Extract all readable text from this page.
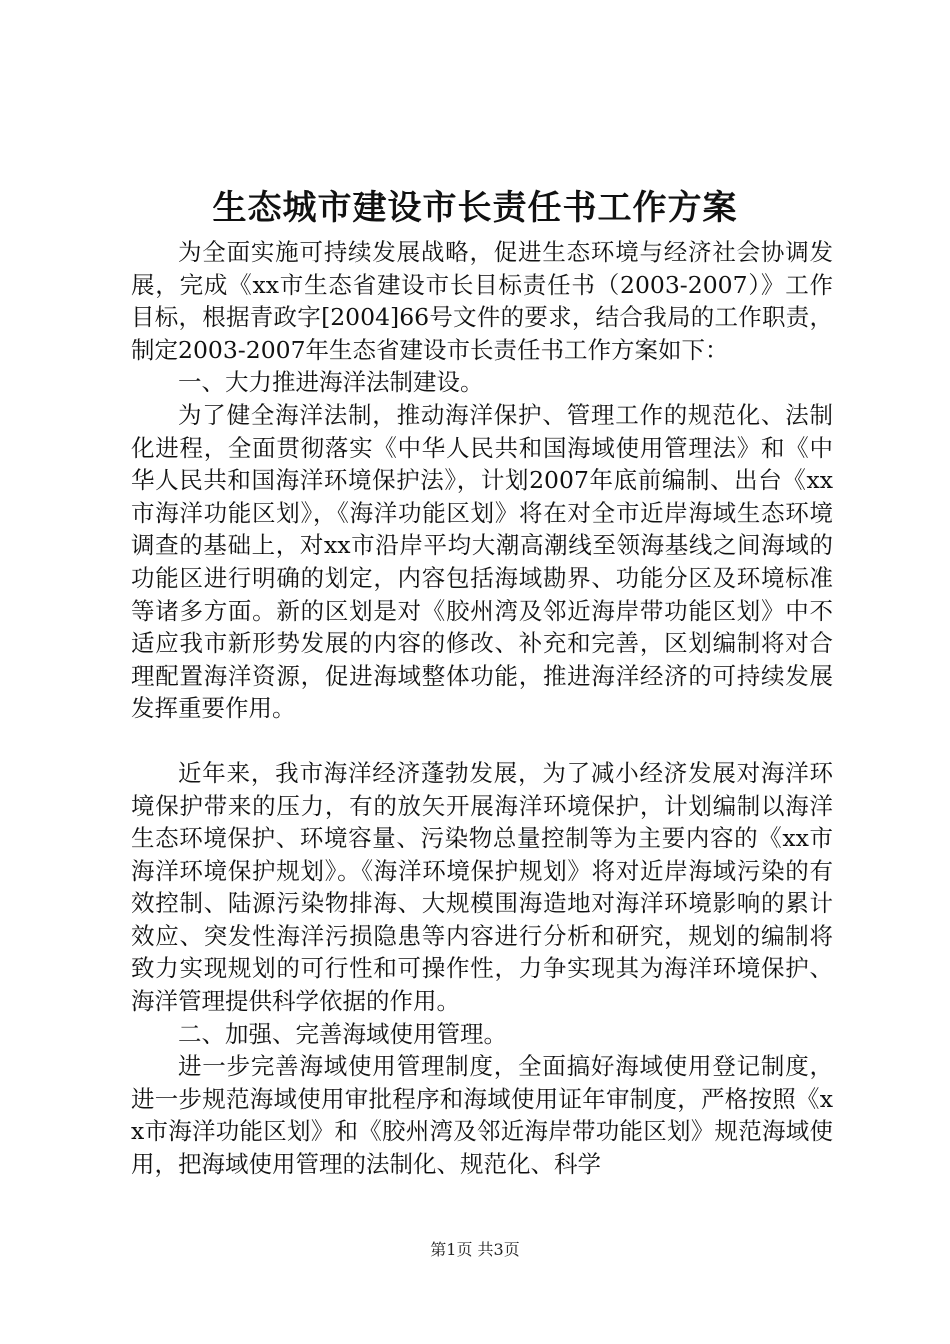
生态城市建设市长责任书工作方案

为全面实施可持续发展战略，促进生态环境与经济社会协调发展，完成《xx市生态省建设市长目标责任书（2003-2007）》工作目标，根据青政字[2004]66号文件的要求，结合我局的工作职责，制定2003-2007年生态省建设市长责任书工作方案如下：

一、大力推进海洋法制建设。

为了健全海洋法制，推动海洋保护、管理工作的规范化、法制化进程，全面贯彻落实《中华人民共和国海域使用管理法》和《中华人民共和国海洋环境保护法》，计划2007年底前编制、出台《xx市海洋功能区划》，《海洋功能区划》将在对全市近岸海域生态环境调查的基础上，对xx市沿岸平均大潮高潮线至领海基线之间海域的功能区进行明确的划定，内容包括海域勘界、功能分区及环境标准等诸多方面。新的区划是对《胶州湾及邻近海岸带功能区划》中不适应我市新形势发展的内容的修改、补充和完善，区划编制将对合理配置海洋资源，促进海域整体功能，推进海洋经济的可持续发展发挥重要作用。

近年来，我市海洋经济蓬勃发展，为了减小经济发展对海洋环境保护带来的压力，有的放矢开展海洋环境保护，计划编制以海洋生态环境保护、环境容量、污染物总量控制等为主要内容的《xx市海洋环境保护规划》。《海洋环境保护规划》将对近岸海域污染的有效控制、陆源污染物排海、大规模围海造地对海洋环境影响的累计效应、突发性海洋污损隐患等内容进行分析和研究，规划的编制将致力实现规划的可行性和可操作性，力争实现其为海洋环境保护、海洋管理提供科学依据的作用。

二、加强、完善海域使用管理。

进一步完善海域使用管理制度，全面搞好海域使用登记制度，进一步规范海域使用审批程序和海域使用证年审制度，严格按照《xx市海洋功能区划》和《胶州湾及邻近海岸带功能区划》规范海域使用，把海域使用管理的法制化、规范化、科学

第1页 共3页
